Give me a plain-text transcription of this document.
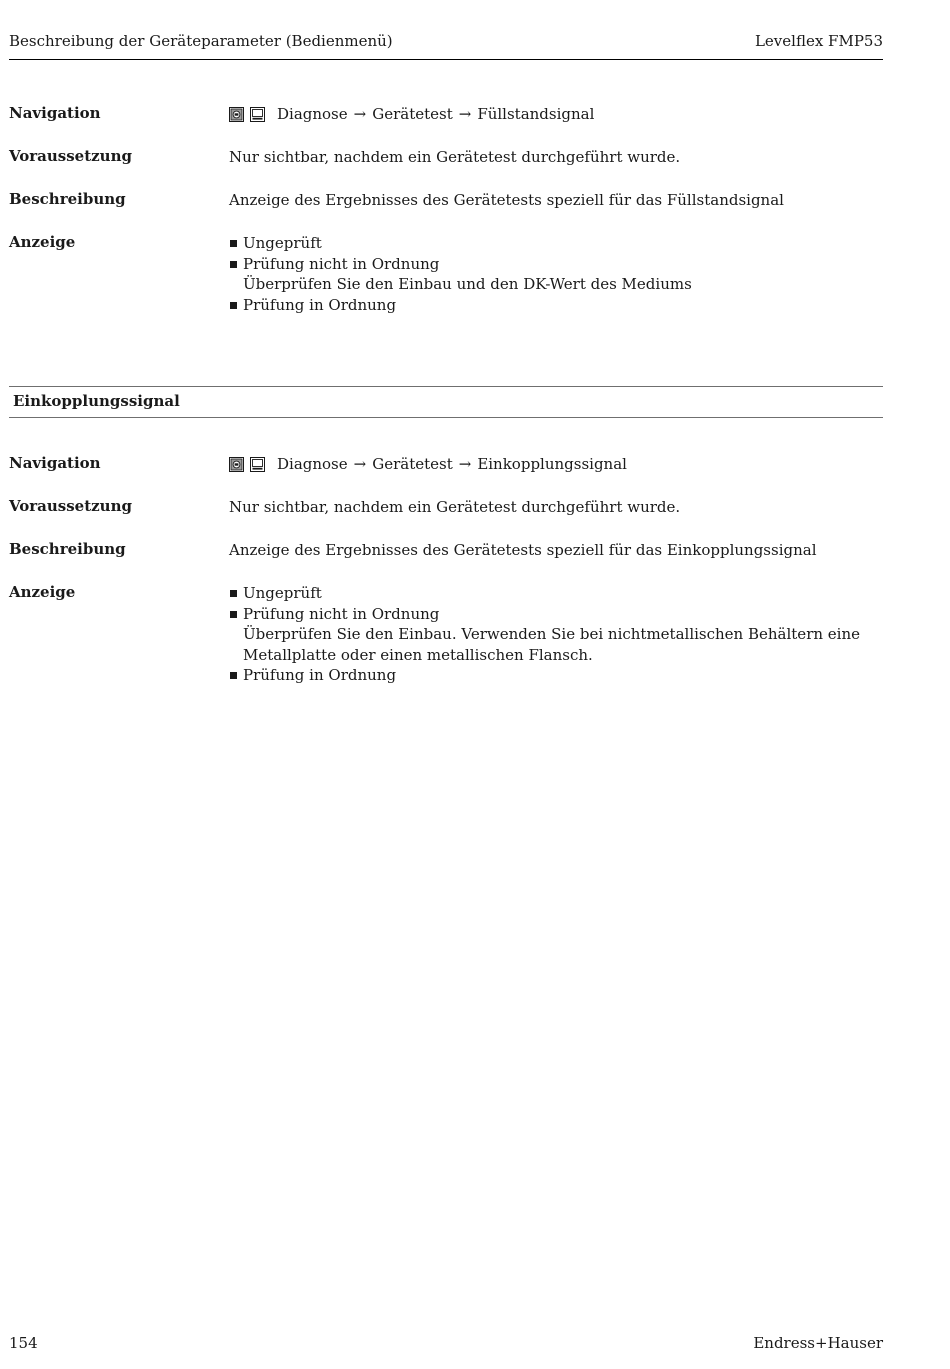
Beschreibung der Geräteparameter (Bedienmenü)	Levelflex FMP53
Navigation	Diagnose → Gerätetest → Füllstandsignal
Voraussetzung	Nur sichtbar, nachdem ein Gerätetest durchgeführt wurde.
Beschreibung	Anzeige des Ergebnisses des Gerätetests speziell für das Füllstandsignal
Anzeige	Ungeprüft
Prüfung nicht in Ordnung
Überprüfen Sie den Einbau und den DK-Wert des Mediums
Prüfung in Ordnung
Einkopplungssignal
Navigation	Diagnose → Gerätetest → Einkopplungssignal
Voraussetzung	Nur sichtbar, nachdem ein Gerätetest durchgeführt wurde.
Beschreibung	Anzeige des Ergebnisses des Gerätetests speziell für das Einkopplungssignal
Anzeige	Ungeprüft
Prüfung nicht in Ordnung
Überprüfen Sie den Einbau. Verwenden Sie bei nichtmetallischen Behältern eine Metallplatte oder einen metallischen Flansch.
Prüfung in Ordnung
154	Endress+Hauser
